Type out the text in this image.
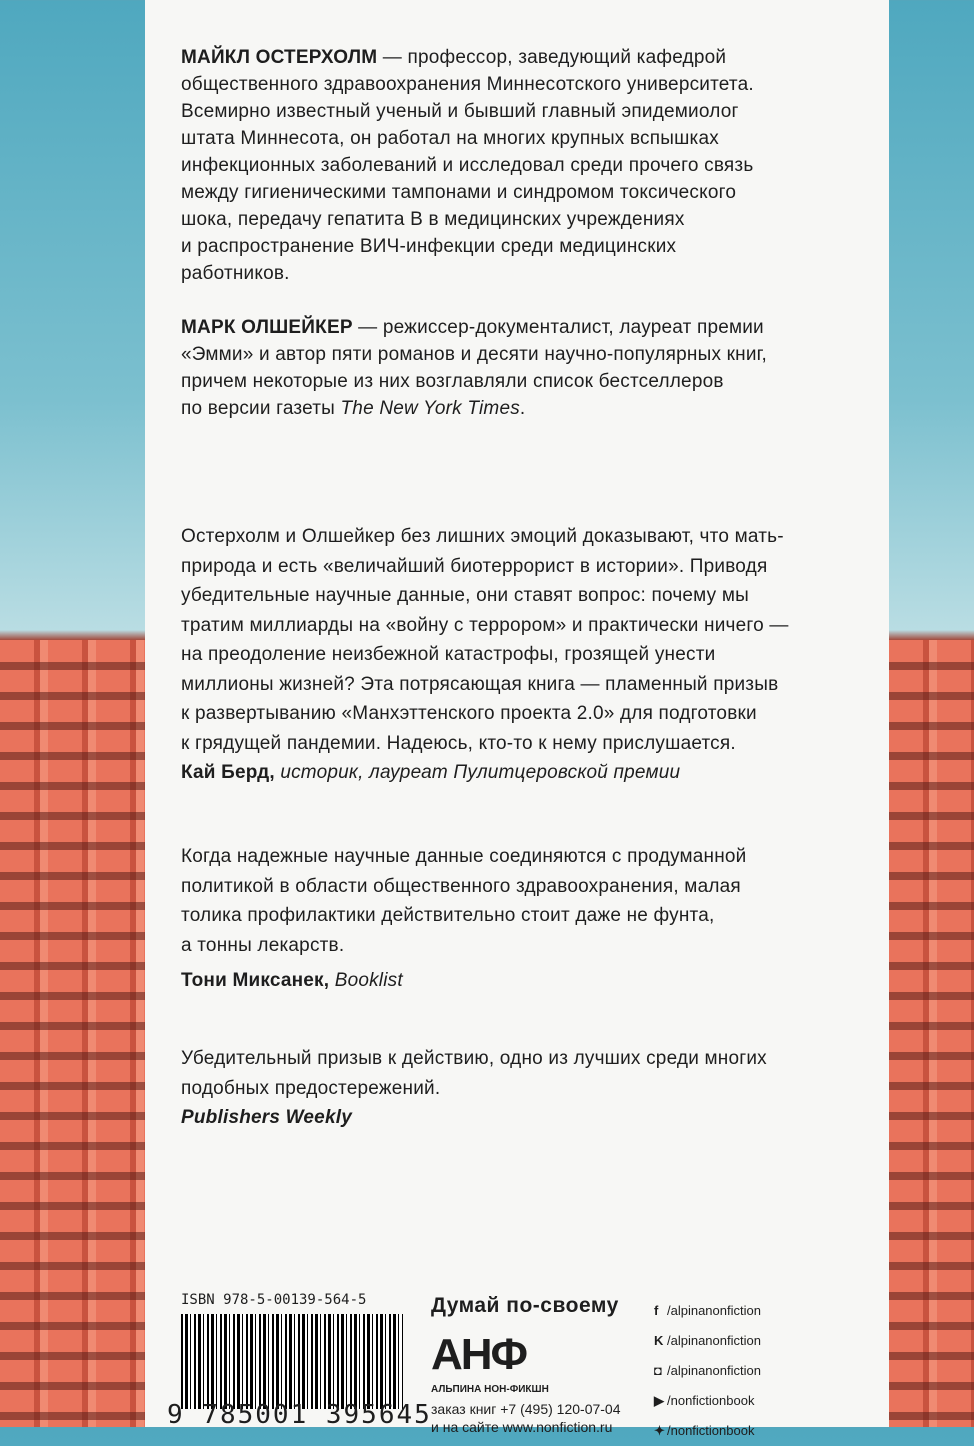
МАЙКЛ ОСТЕРХОЛМ — профессор, заведующий кафедрой
общественного здравоохранения Миннесотского университета.
Всемирно известный ученый и бывший главный эпидемиолог
штата Миннесота, он работал на многих крупных вспышках
инфекционных заболеваний и исследовал среди прочего связь
между гигиеническими тампонами и синдромом токсического
шока, передачу гепатита В в медицинских учреждениях
и распространение ВИЧ-инфекции среди медицинских
работников.
МАРК ОЛШЕЙКЕР — режиссер-документалист, лауреат премии
«Эмми» и автор пяти романов и десяти научно-популярных книг,
причем некоторые из них возглавляли список бестселлеров
по версии газеты The New York Times.
Остерхолм и Олшейкер без лишних эмоций доказывают, что мать-
природа и есть «величайший биотеррорист в истории». Приводя
убедительные научные данные, они ставят вопрос: почему мы
тратим миллиарды на «войну с террором» и практически ничего —
на преодоление неизбежной катастрофы, грозящей унести
миллионы жизней? Эта потрясающая книга — пламенный призыв
к развертыванию «Манхэттенского проекта 2.0» для подготовки
к грядущей пандемии. Надеюсь, кто-то к нему прислушается.
Кай Берд, историк, лауреат Пулитцеровской премии
Когда надежные научные данные соединяются с продуманной
политикой в области общественного здравоохранения, малая
толика профилактики действительно стоит даже не фунта,
а тонны лекарств.
Тони Миксанек, Booklist
Убедительный призыв к действию, одно из лучших среди многих
подобных предостережений.
Publishers Weekly
ISBN 978-5-00139-564-5
9 785001 395645
Думай по-своему
АНФ
АЛЬПИНА НОН-ФИКШН
заказ книг +7 (495) 120-07-04
и на сайте www.nonfiction.ru
f /alpinanonfiction
K /alpinanonfiction
◘ /alpinanonfiction
▶ /nonfictionbook
✦ /nonfictionbook
